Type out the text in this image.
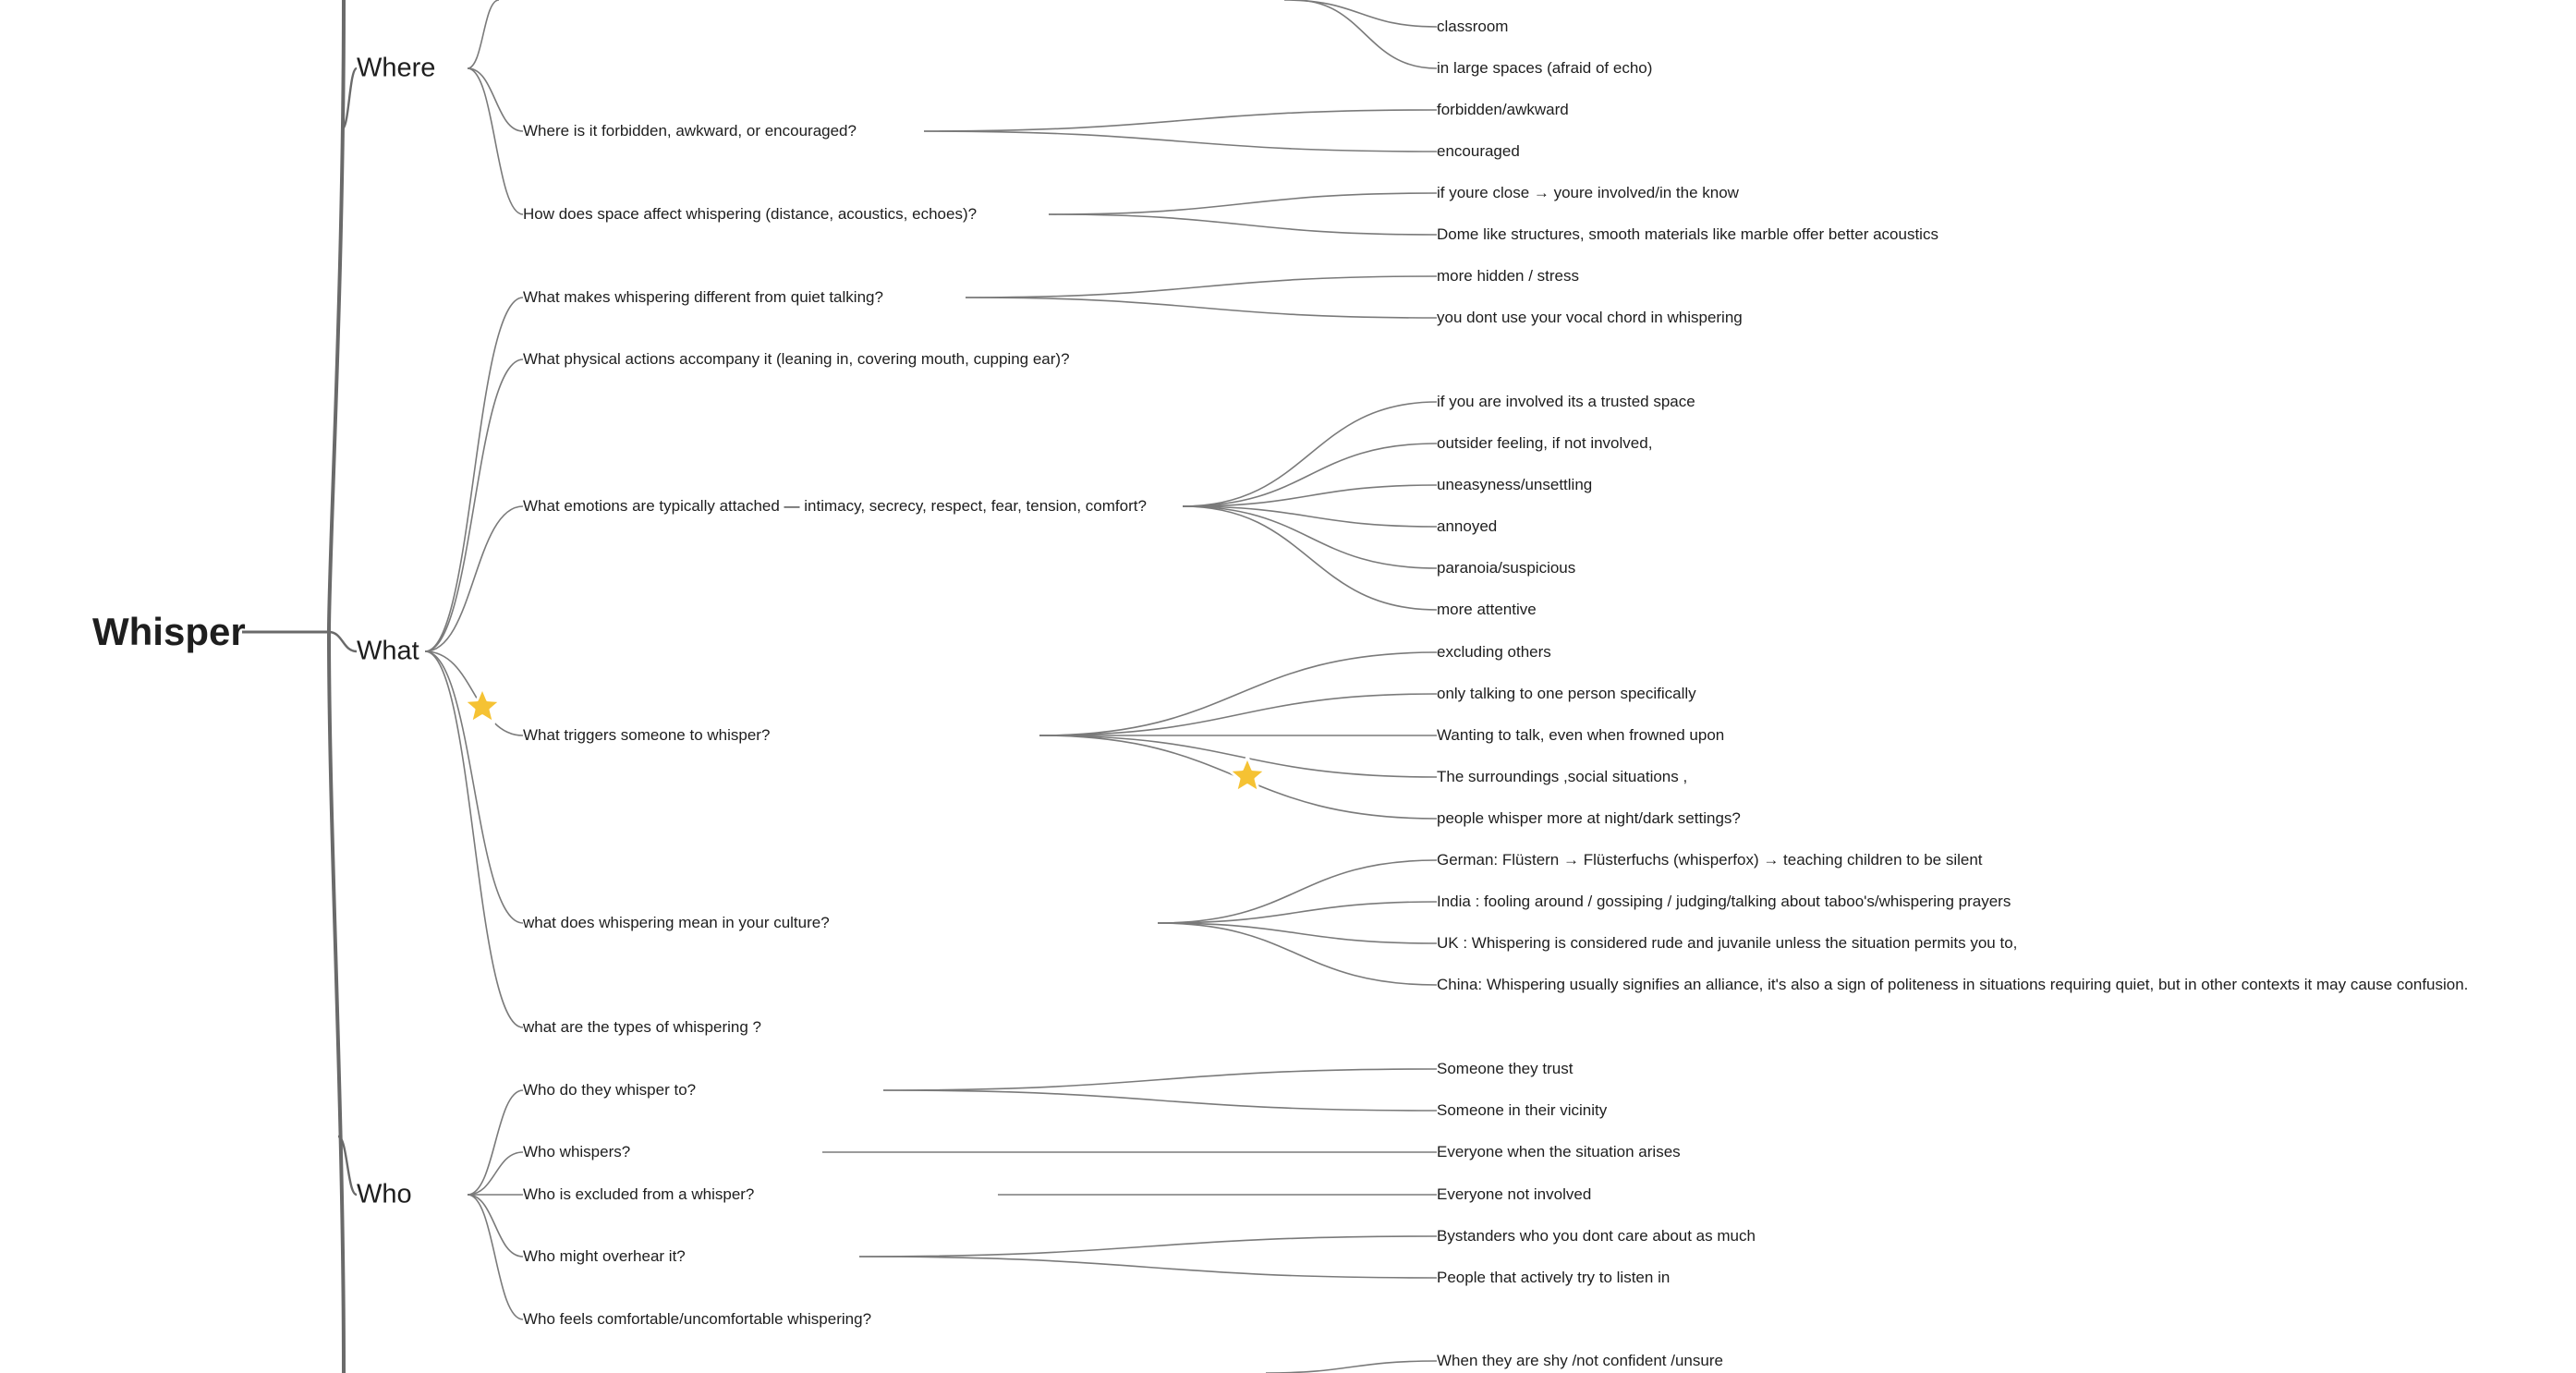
Whisper
Where
What
Who
classroom
in large spaces (afraid of echo)
Where is it forbidden, awkward, or encouraged?
forbidden/awkward
encouraged
How does space affect whispering (distance, acoustics, echoes)?
if youre close → youre involved/in the know
Dome like structures, smooth materials like marble offer better acoustics
What makes whispering different from quiet talking?
more hidden / stress
you dont use your vocal chord in whispering
What physical actions accompany it (leaning in, covering mouth, cupping ear)?
What emotions are typically attached — intimacy, secrecy, respect, fear, tension, comfort?
if you are involved its a trusted space
outsider feeling, if not involved,
uneasyness/unsettling
annoyed
paranoia/suspicious
more attentive
What triggers someone to whisper?
excluding others
only talking to one person specifically
Wanting to talk, even when frowned upon
The surroundings ,social situations ,
people whisper more at night/dark settings?
what does whispering mean in your culture?
German: Flüstern → Flüsterfuchs (whisperfox) → teaching children to be silent
India : fooling around / gossiping / judging/talking about taboo's/whispering prayers
UK : Whispering is considered rude and juvanile unless the situation permits you to,
China: Whispering usually signifies an alliance, it's also a sign of politeness in situations requiring quiet, but in other contexts it may cause confusion.
what are the types of whispering ?
Who do they whisper to?
Someone they trust
Someone in their vicinity
Who whispers?	Everyone when the situation arises
Who is excluded from a whisper?	Everyone not involved
Who might overhear it?
Bystanders who you dont care about as much
People that actively try to listen in
Who feels comfortable/uncomfortable whispering?
When they are shy /not confident /unsure
